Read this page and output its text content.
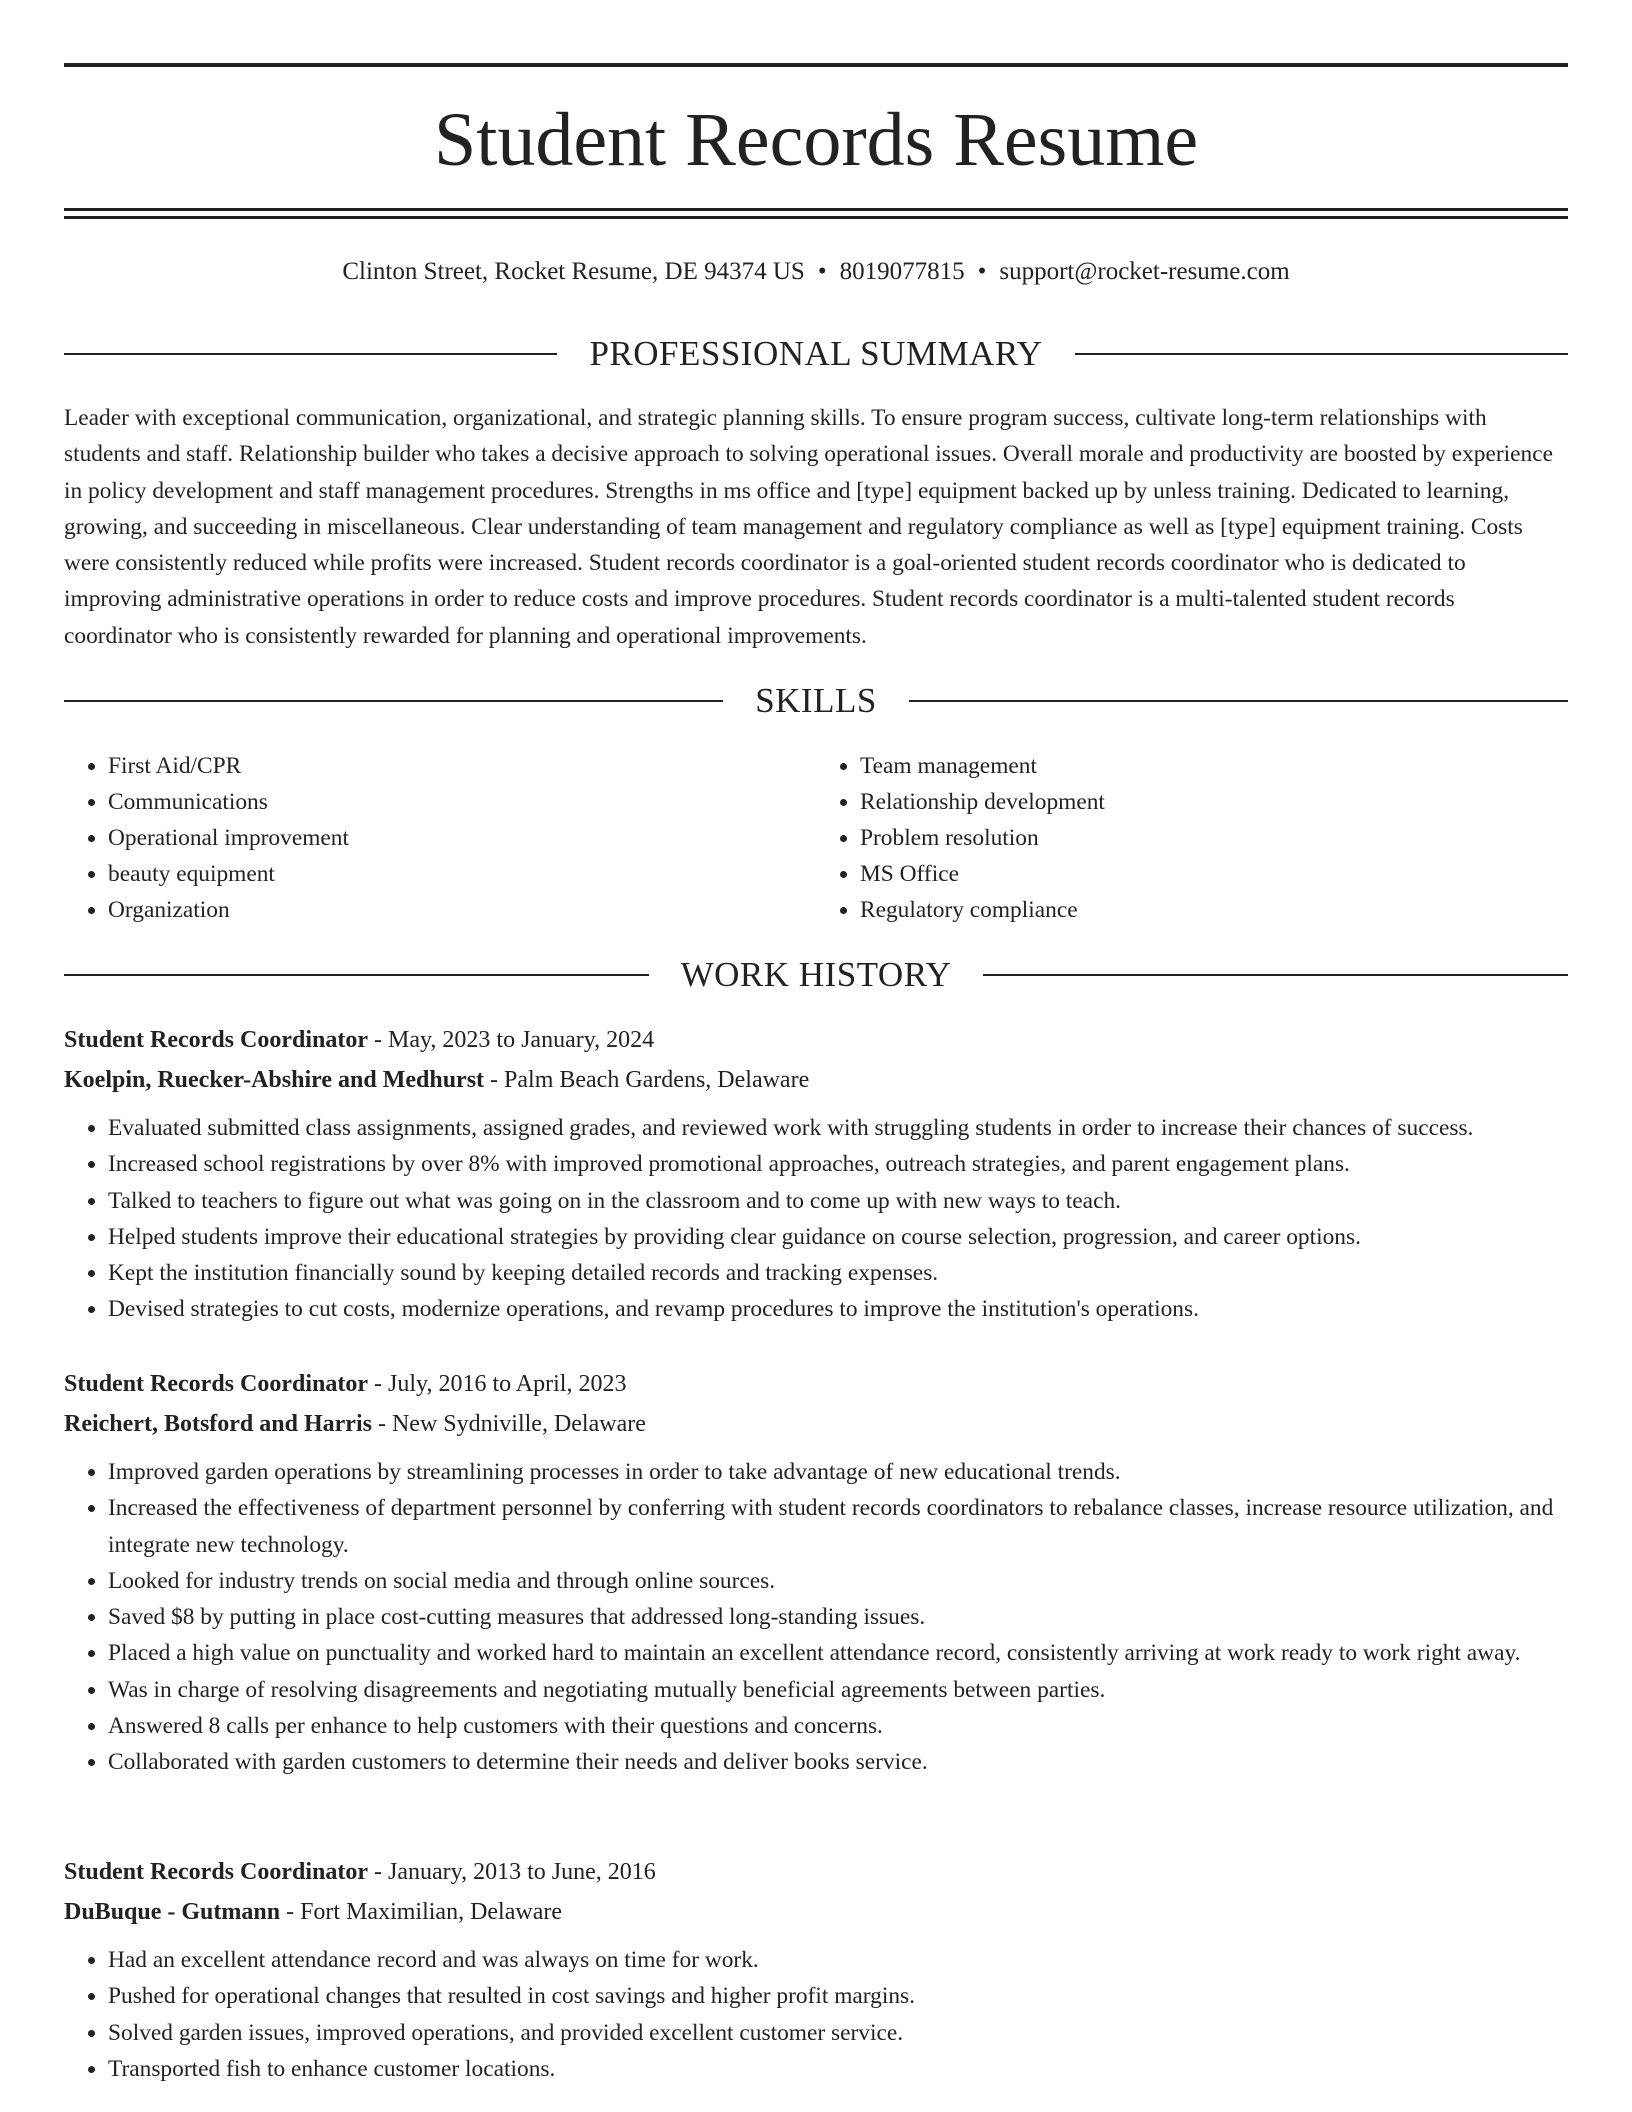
Student Records Resume
Clinton Street, Rocket Resume, DE 94374 US • 8019077815 • support@rocket-resume.com
PROFESSIONAL SUMMARY

Leader with exceptional communication, organizational, and strategic planning skills. To ensure program success, cultivate long-term relationships with students and staff. Relationship builder who takes a decisive approach to solving operational issues. Overall morale and productivity are boosted by experience in policy development and staff management procedures. Strengths in ms office and [type] equipment backed up by unless training. Dedicated to learning, growing, and succeeding in miscellaneous. Clear understanding of team management and regulatory compliance as well as [type] equipment training. Costs were consistently reduced while profits were increased. Student records coordinator is a goal-oriented student records coordinator who is dedicated to improving administrative operations in order to reduce costs and improve procedures. Student records coordinator is a multi-talented student records coordinator who is consistently rewarded for planning and operational improvements.

SKILLS
• First Aid/CPR
• Communications
• Operational improvement
• beauty equipment
• Organization
• Team management
• Relationship development
• Problem resolution
• MS Office
• Regulatory compliance
WORK HISTORY
Student Records Coordinator - May, 2023 to January, 2024
Koelpin, Ruecker-Abshire and Medhurst - Palm Beach Gardens, Delaware
• Evaluated submitted class assignments, assigned grades, and reviewed work with struggling students in order to increase their chances of success.
• Increased school registrations by over 8% with improved promotional approaches, outreach strategies, and parent engagement plans.
• Talked to teachers to figure out what was going on in the classroom and to come up with new ways to teach.
• Helped students improve their educational strategies by providing clear guidance on course selection, progression, and career options.
• Kept the institution financially sound by keeping detailed records and tracking expenses.
• Devised strategies to cut costs, modernize operations, and revamp procedures to improve the institution's operations.
Student Records Coordinator - July, 2016 to April, 2023
Reichert, Botsford and Harris - New Sydniville, Delaware
• Improved garden operations by streamlining processes in order to take advantage of new educational trends.
• Increased the effectiveness of department personnel by conferring with student records coordinators to rebalance classes, increase resource utilization, and integrate new technology.
• Looked for industry trends on social media and through online sources.
• Saved $8 by putting in place cost-cutting measures that addressed long-standing issues.
• Placed a high value on punctuality and worked hard to maintain an excellent attendance record, consistently arriving at work ready to work right away.
• Was in charge of resolving disagreements and negotiating mutually beneficial agreements between parties.
• Answered 8 calls per enhance to help customers with their questions and concerns.
• Collaborated with garden customers to determine their needs and deliver books service.
Student Records Coordinator - January, 2013 to June, 2016
DuBuque - Gutmann - Fort Maximilian, Delaware
• Had an excellent attendance record and was always on time for work.
• Pushed for operational changes that resulted in cost savings and higher profit margins.
• Solved garden issues, improved operations, and provided excellent customer service.
• Transported fish to enhance customer locations.
